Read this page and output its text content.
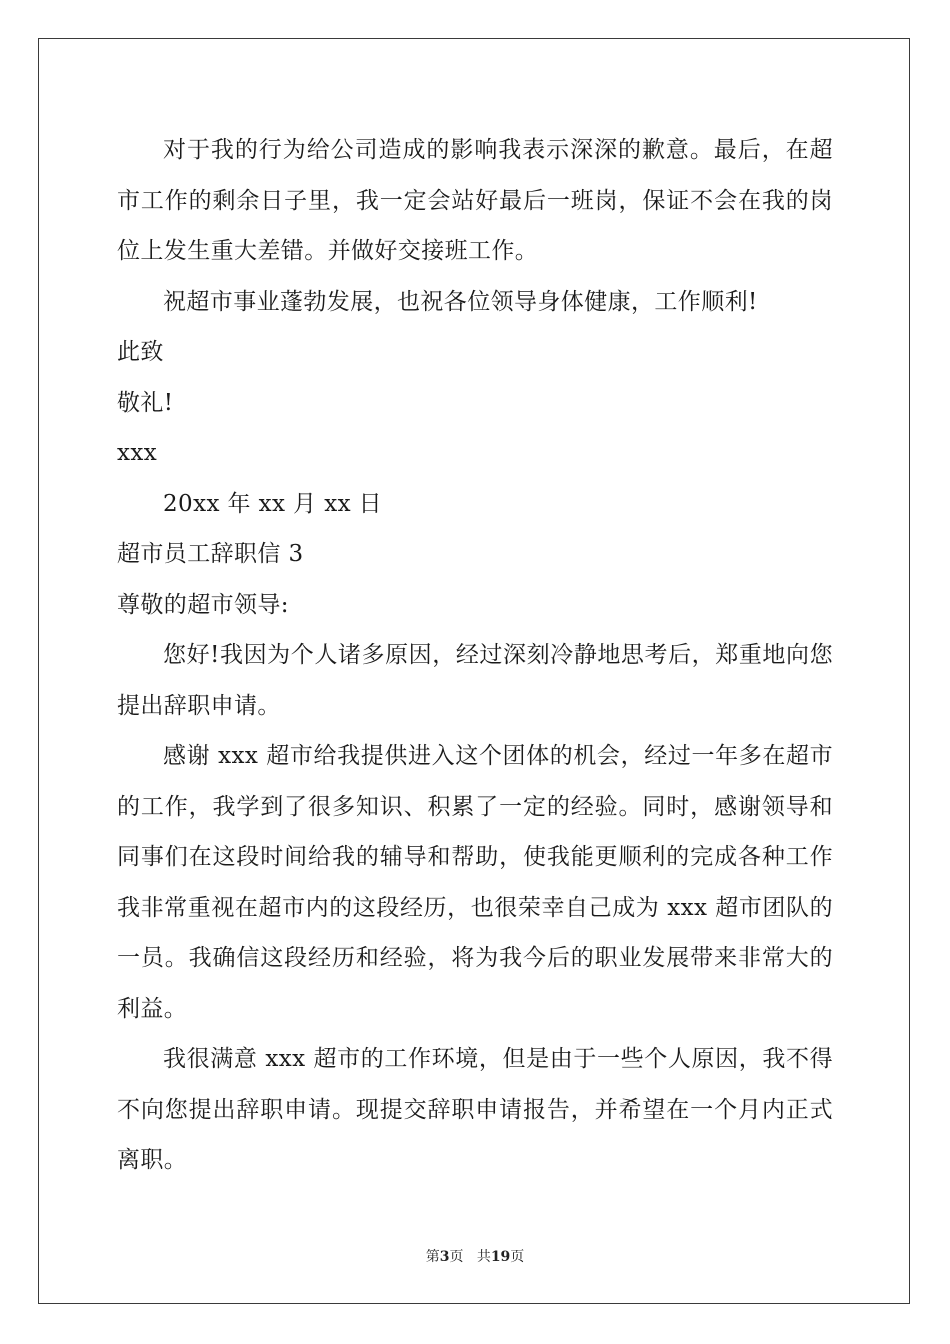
对于我的行为给公司造成的影响我表示深深的歉意。最后，在超市工作的剩余日子里，我一定会站好最后一班岗，保证不会在我的岗位上发生重大差错。并做好交接班工作。
祝超市事业蓬勃发展，也祝各位领导身体健康，工作顺利!
此致
敬礼!
xxx
20xx 年 xx 月 xx 日
超市员工辞职信 3
尊敬的超市领导:
您好!我因为个人诸多原因，经过深刻冷静地思考后，郑重地向您提出辞职申请。
感谢 xxx 超市给我提供进入这个团体的机会，经过一年多在超市的工作，我学到了很多知识、积累了一定的经验。同时，感谢领导和同事们在这段时间给我的辅导和帮助，使我能更顺利的完成各种工作我非常重视在超市内的这段经历，也很荣幸自己成为 xxx 超市团队的一员。我确信这段经历和经验，将为我今后的职业发展带来非常大的利益。
我很满意 xxx 超市的工作环境，但是由于一些个人原因，我不得不向您提出辞职申请。现提交辞职申请报告，并希望在一个月内正式离职。
第3页 共19页
